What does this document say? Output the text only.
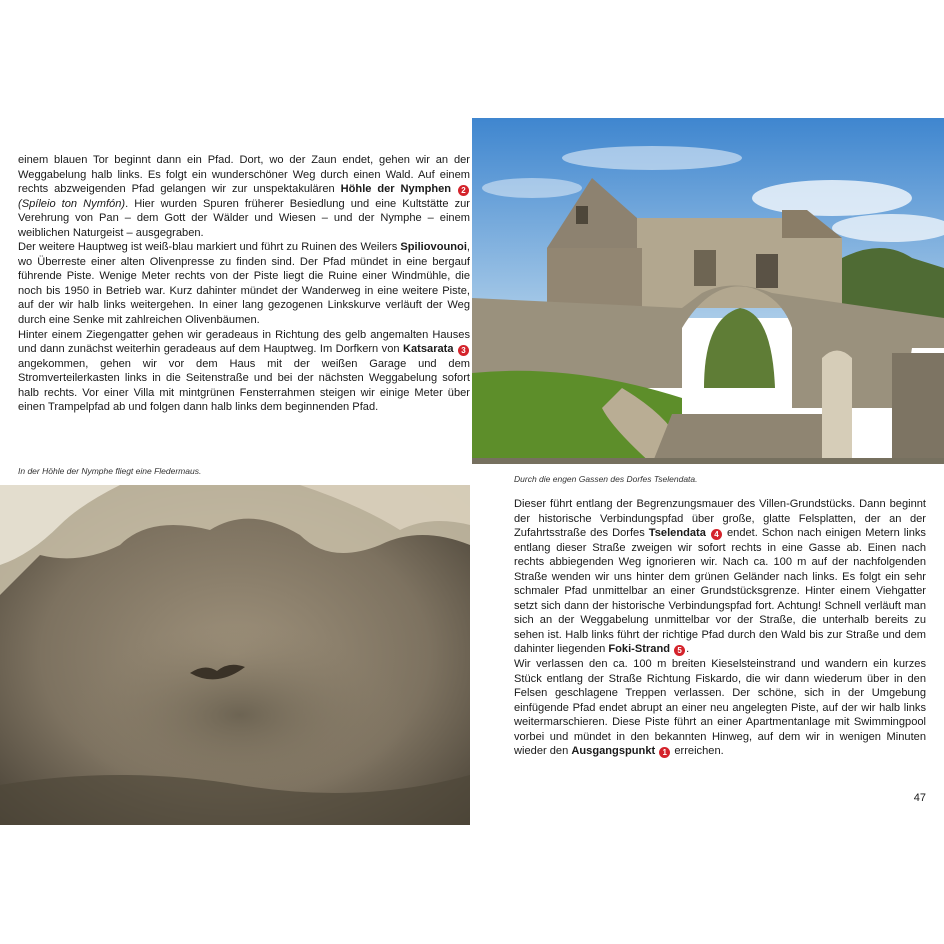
einem blauen Tor beginnt dann ein Pfad. Dort, wo der Zaun endet, gehen wir an der Weggabelung halb links. Es folgt ein wunderschöner Weg durch einen Wald. Auf einem rechts abzweigenden Pfad gelangen wir zur unspektakulären Höhle der Nymphen 2 (Spíleio ton Nymfón). Hier wurden Spuren früherer Besiedlung und eine Kultstätte zur Verehrung von Pan – dem Gott der Wälder und Wiesen – und der Nymphe – einem weiblichen Naturgeist – ausgegraben.

Der weitere Hauptweg ist weiß-blau markiert und führt zu Ruinen des Weilers Spiliovounoi, wo Überreste einer alten Olivenpresse zu finden sind. Der Pfad mündet in eine bergauf führende Piste. Wenige Meter rechts von der Piste liegt die Ruine einer Windmühle, die noch bis 1950 in Betrieb war. Kurz dahinter mündet der Wanderweg in eine weitere Piste, auf der wir halb links weitergehen. In einer lang gezogenen Linkskurve verläuft der Weg durch eine Senke mit zahlreichen Olivenbäumen.

Hinter einem Ziegengatter gehen wir geradeaus in Richtung des gelb angemalten Hauses und dann zunächst weiterhin geradeaus auf dem Hauptweg. Im Dorfkern von Katsarata 3 angekommen, gehen wir vor dem Haus mit der weißen Garage und dem Stromverteilerkasten links in die Seitenstraße und bei der nächsten Weggabelung sofort halb rechts. Vor einer Villa mit mintgrünen Fensterrahmen steigen wir einige Meter über einen Trampelpfad ab und folgen dann halb links dem beginnenden Pfad.

In der Höhle der Nymphe fliegt eine Fledermaus.
Durch die engen Gassen des Dorfes Tselendata.

Dieser führt entlang der Begrenzungsmauer des Villen-Grundstücks. Dann beginnt der historische Verbindungspfad über große, glatte Felsplatten, der an der Zufahrtsstraße des Dorfes Tselendata 4 endet. Schon nach einigen Metern links entlang dieser Straße zweigen wir sofort rechts in eine Gasse ab. Einen nach rechts abbiegenden Weg ignorieren wir. Nach ca. 100 m auf der nachfolgenden Straße wenden wir uns hinter dem grünen Geländer nach links. Es folgt ein sehr schmaler Pfad unmittelbar an einer Grundstücksgrenze. Hinter einem Viehgatter setzt sich dann der historische Verbindungspfad fort. Achtung! Schnell verläuft man sich an der Weggabelung unmittelbar vor der Straße, die unterhalb bereits zu sehen ist. Halb links führt der richtige Pfad durch den Wald bis zur Straße und dem dahinter liegenden Foki-Strand 5 .

Wir verlassen den ca. 100 m breiten Kieselsteinstrand und wandern ein kurzes Stück entlang der Straße Richtung Fiskardo, die wir dann wiederum über in den Felsen geschlagene Treppen verlassen. Der schöne, sich in der Umgebung einfügende Pfad endet abrupt an einer neu angelegten Piste, auf der wir halb links weitermarschieren. Diese Piste führt an einer Apartmentanlage mit Swimmingpool vorbei und mündet in den bekannten Hinweg, auf dem wir in wenigen Minuten wieder den Ausgangspunkt 1 erreichen.

47
